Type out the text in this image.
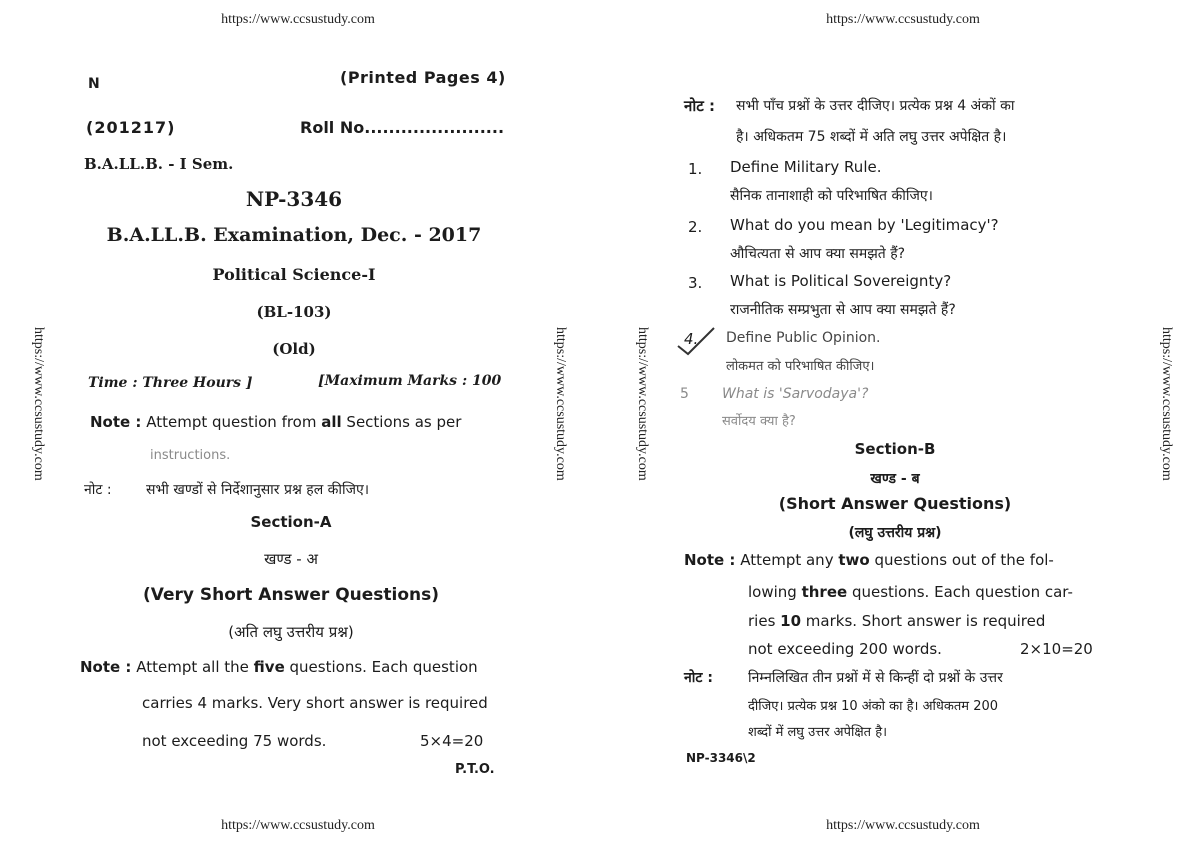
https://www.ccsustudy.com	https://www.ccsustudy.com
https://www.ccsustudy.com	https://www.ccsustudy.com
https://www.ccsustudy.com	https://www.ccsustudy.com	https://www.ccsustudy.com	https://www.ccsustudy.com
N	(Printed Pages 4)
(201217)	Roll No.......................
B.A.LL.B. - I Sem.
NP-3346
B.A.LL.B. Examination, Dec. - 2017
Political Science-I
(BL-103)
(Old)
Time : Three Hours ]	[Maximum Marks : 100
Note : Attempt question from all Sections as per
instructions.
नोट : सभी खण्डों से निर्देशानुसार प्रश्न हल कीजिए।
Section-A
खण्ड - अ
(Very Short Answer Questions)
(अति लघु उत्तरीय प्रश्न)
Note : Attempt all the five questions. Each question
carries 4 marks. Very short answer is required
not exceeding 75 words.	5×4=20
P.T.O.
नोट : सभी पाँच प्रश्नों के उत्तर दीजिए। प्रत्येक प्रश्न 4 अंकों का
है। अधिकतम 75 शब्दों में अति लघु उत्तर अपेक्षित है।
1. Define Military Rule.
सैनिक तानाशाही को परिभाषित कीजिए।
2. What do you mean by 'Legitimacy'?
औचित्यता से आप क्या समझते हैं?
3. What is Political Sovereignty?
राजनीतिक सम्प्रभुता से आप क्या समझते हैं?
4. Define Public Opinion.
लोकमत को परिभाषित कीजिए।
5 What is 'Sarvodaya'?
सर्वोदय क्या है?
Section-B
खण्ड - ब
(Short Answer Questions)
(लघु उत्तरीय प्रश्न)
Note : Attempt any two questions out of the fol-
lowing three questions. Each question car-
ries 10 marks. Short answer is required
not exceeding 200 words.	2×10=20
नोट :	निम्नलिखित तीन प्रश्नों में से किन्हीं दो प्रश्नों के उत्तर
दीजिए। प्रत्येक प्रश्न 10 अंको का है। अधिकतम 200
शब्दों में लघु उत्तर अपेक्षित है।
NP-3346\2
